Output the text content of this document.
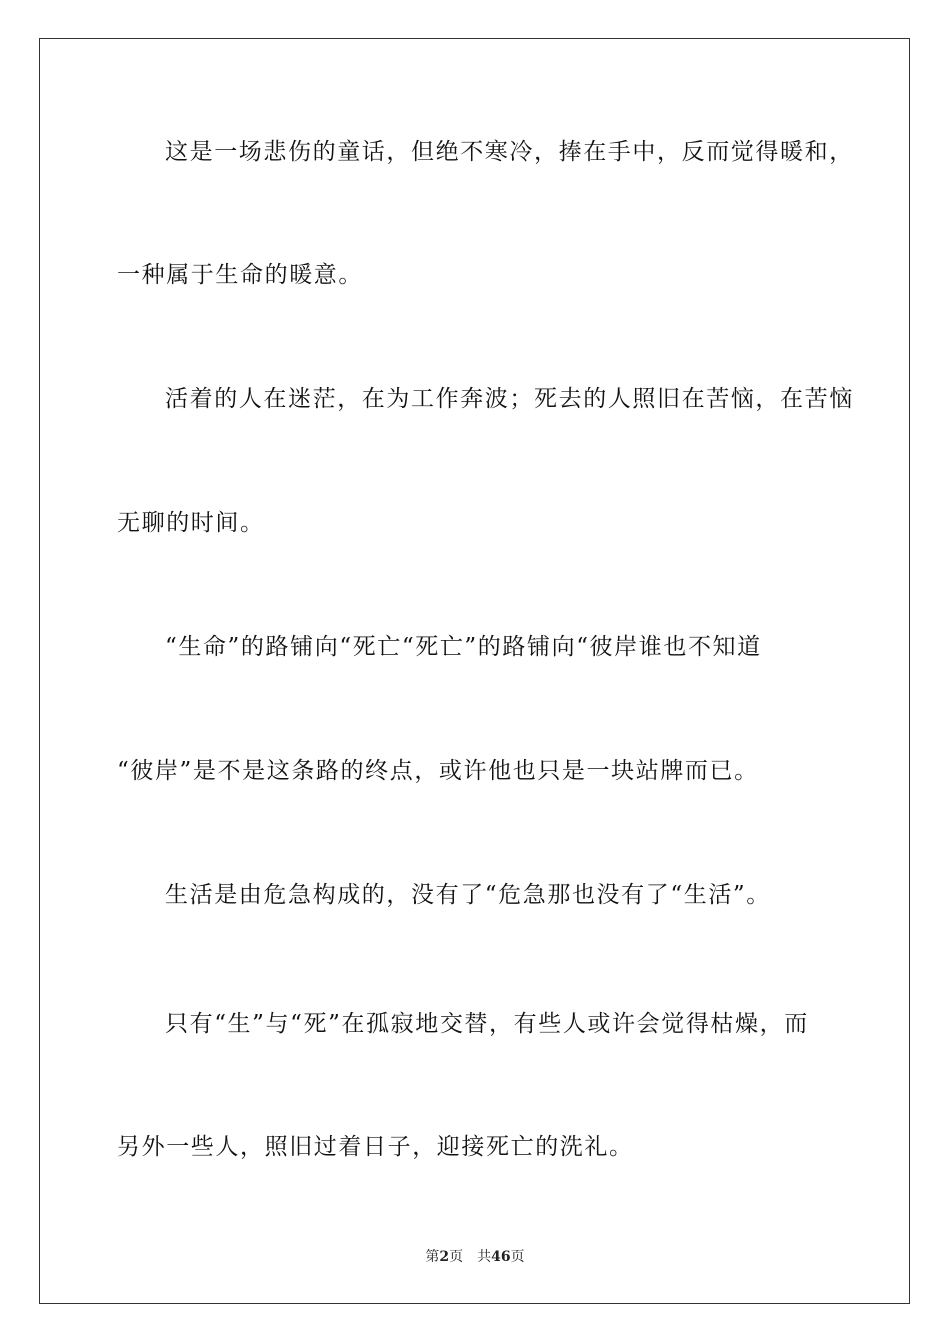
这是一场悲伤的童话，但绝不寒冷，捧在手中，反而觉得暖和，
一种属于生命的暖意。
活着的人在迷茫，在为工作奔波；死去的人照旧在苦恼，在苦恼
无聊的时间。
“生命”的路铺向“死亡“死亡”的路铺向“彼岸谁也不知道
“彼岸”是不是这条路的终点，或许他也只是一块站牌而已。
生活是由危急构成的，没有了“危急那也没有了“生活”。
只有“生”与“死”在孤寂地交替，有些人或许会觉得枯燥，而
另外一些人，照旧过着日子，迎接死亡的洗礼。
第2页 共46页
